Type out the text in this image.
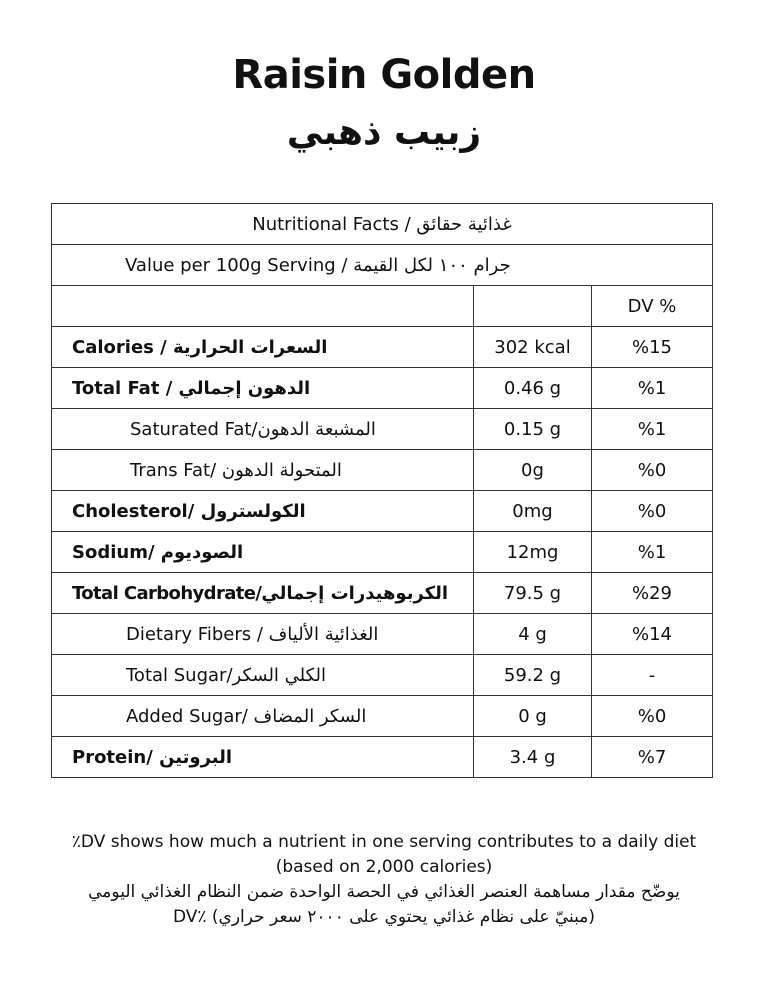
Raisin Golden
زبيب ذهبي
Nutritional Facts / غذائية حقائق		
Value per 100g Serving / جرام ١٠٠ لكل القيمة		
		DV %
Calories / السعرات الحرارية	302 kcal	%15
Total Fat / الدهون إجمالي	0.46 g	%1
Saturated Fat/المشبعة الدهون	0.15 g	%1
Trans Fat/ المتحولة الدهون	0g	%0
Cholesterol/ الكولسترول	0mg	%0
Sodium/ الصوديوم	12mg	%1
Total Carbohydrate/الكربوهيدرات إجمالي	79.5 g	%29
Dietary Fibers / الغذائية الألياف	4 g	%14
Total Sugar/الكلي السكر	59.2 g	-
Added Sugar/ السكر المضاف	0 g	%0
Protein/ البروتين	3.4 g	%7
٪DV shows how much a nutrient in one serving contributes to a daily diet
(based on 2,000 calories)
يوضّح مقدار مساهمة العنصر الغذائي في الحصة الواحدة ضمن النظام الغذائي اليومي
(مبنيّ على نظام غذائي يحتوي على ٢٠٠٠ سعر حراري) ٪DV
